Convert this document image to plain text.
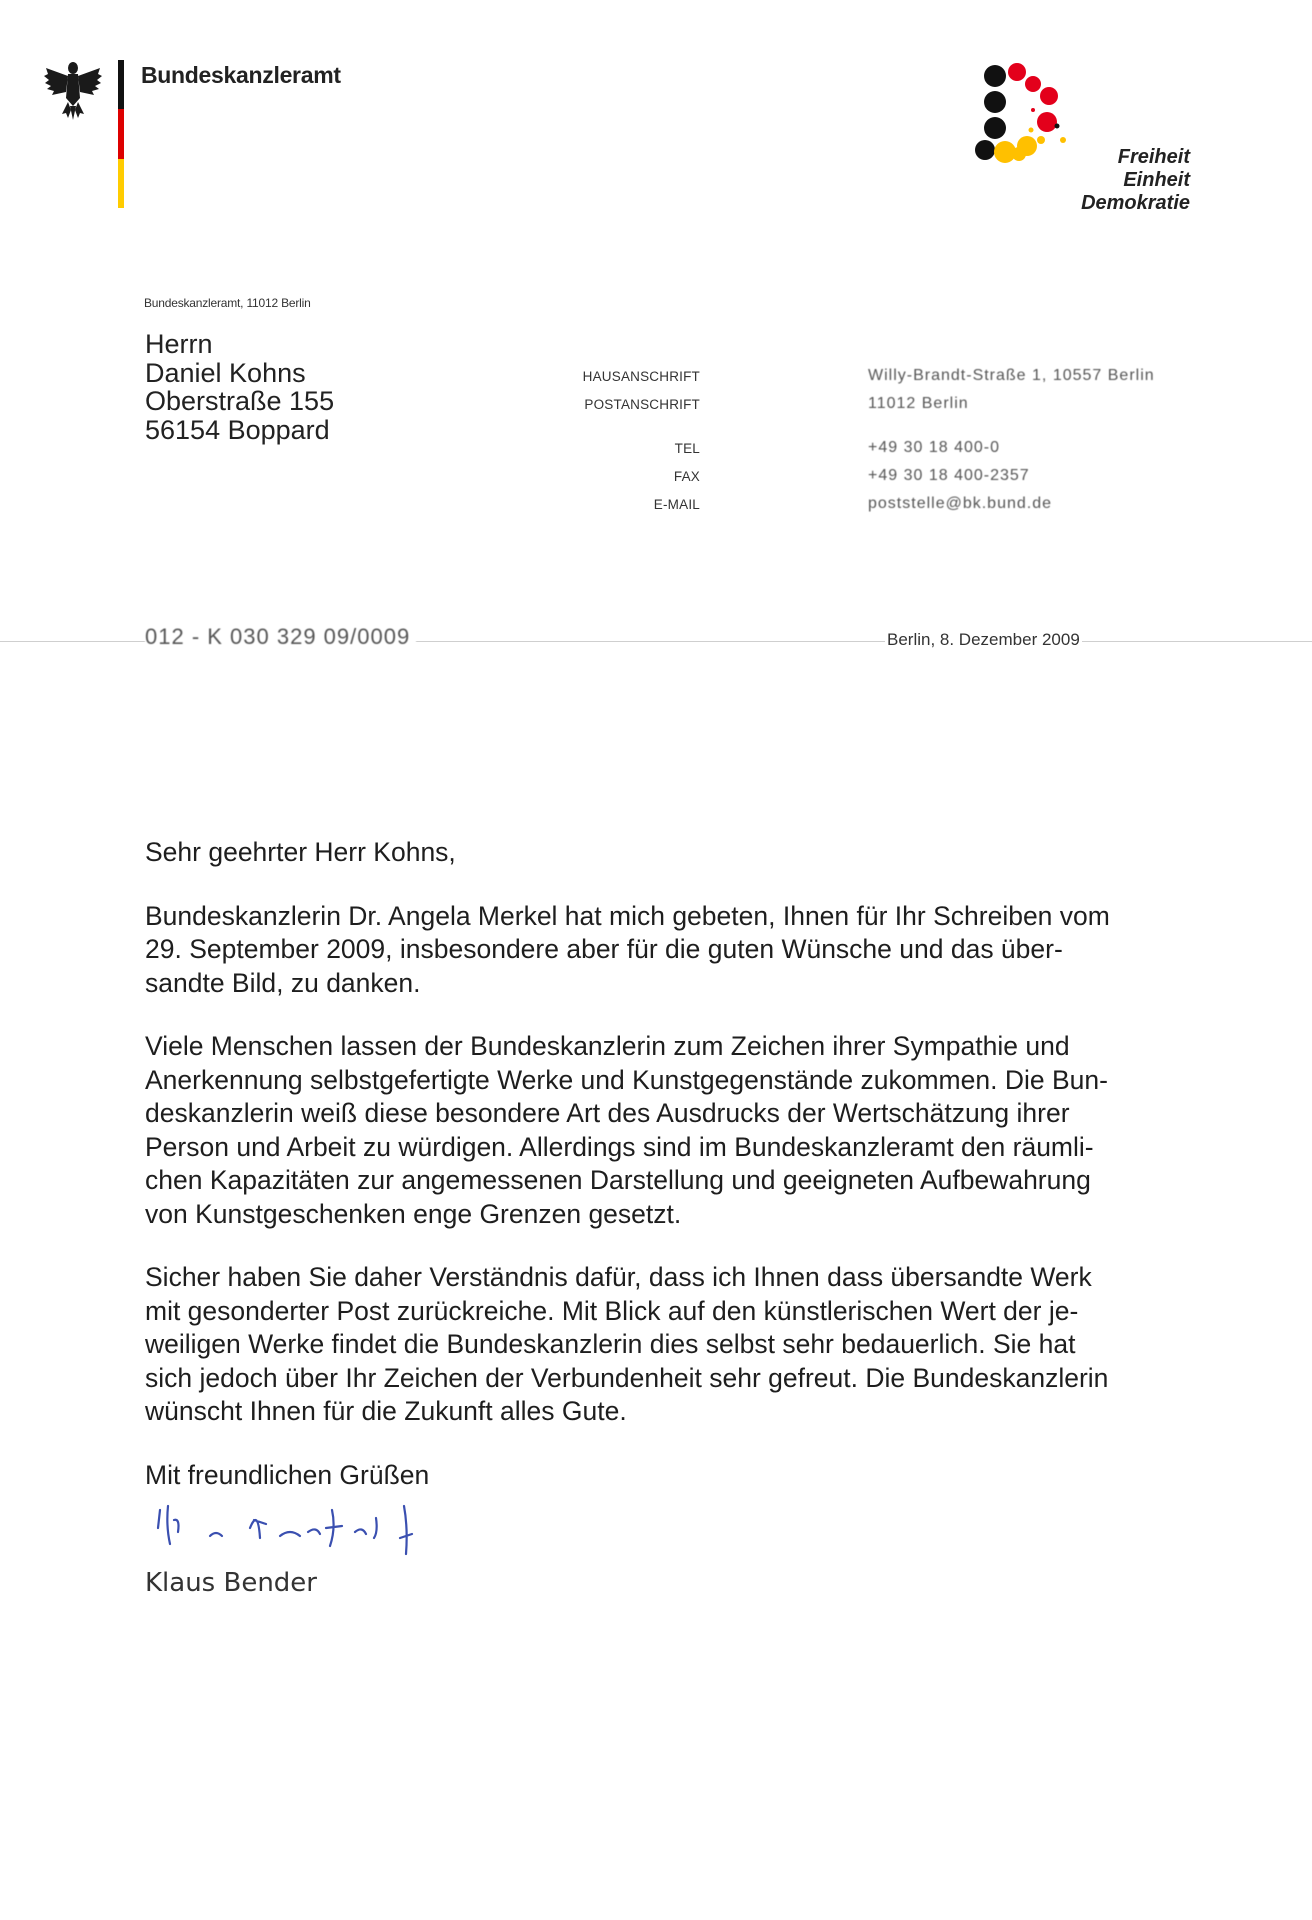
Bundeskanzleramt
Freiheit
Einheit
Demokratie
Bundeskanzleramt, 11012 Berlin
Herrn
Daniel Kohns
Oberstraße 155
56154 Boppard
HAUSANSCHRIFT	Willy-Brandt-Straße 1, 10557 Berlin
POSTANSCHRIFT	11012 Berlin
TEL	+49 30 18 400-0
FAX	+49 30 18 400-2357
E-MAIL	poststelle@bk.bund.de
012 - K 030 329 09/0009	Berlin, 8. Dezember 2009

Sehr geehrter Herr Kohns,

Bundeskanzlerin Dr. Angela Merkel hat mich gebeten, Ihnen für Ihr Schreiben vom
29. September 2009, insbesondere aber für die guten Wünsche und das über-
sandte Bild, zu danken.

Viele Menschen lassen der Bundeskanzlerin zum Zeichen ihrer Sympathie und
Anerkennung selbstgefertigte Werke und Kunstgegenstände zukommen. Die Bun-
deskanzlerin weiß diese besondere Art des Ausdrucks der Wertschätzung ihrer
Person und Arbeit zu würdigen. Allerdings sind im Bundeskanzleramt den räumli-
chen Kapazitäten zur angemessenen Darstellung und geeigneten Aufbewahrung
von Kunstgeschenken enge Grenzen gesetzt.

Sicher haben Sie daher Verständnis dafür, dass ich Ihnen dass übersandte Werk
mit gesonderter Post zurückreiche. Mit Blick auf den künstlerischen Wert der je-
weiligen Werke findet die Bundeskanzlerin dies selbst sehr bedauerlich. Sie hat
sich jedoch über Ihr Zeichen der Verbundenheit sehr gefreut. Die Bundeskanzlerin
wünscht Ihnen für die Zukunft alles Gute.

Mit freundlichen Grüßen

Klaus Bender
